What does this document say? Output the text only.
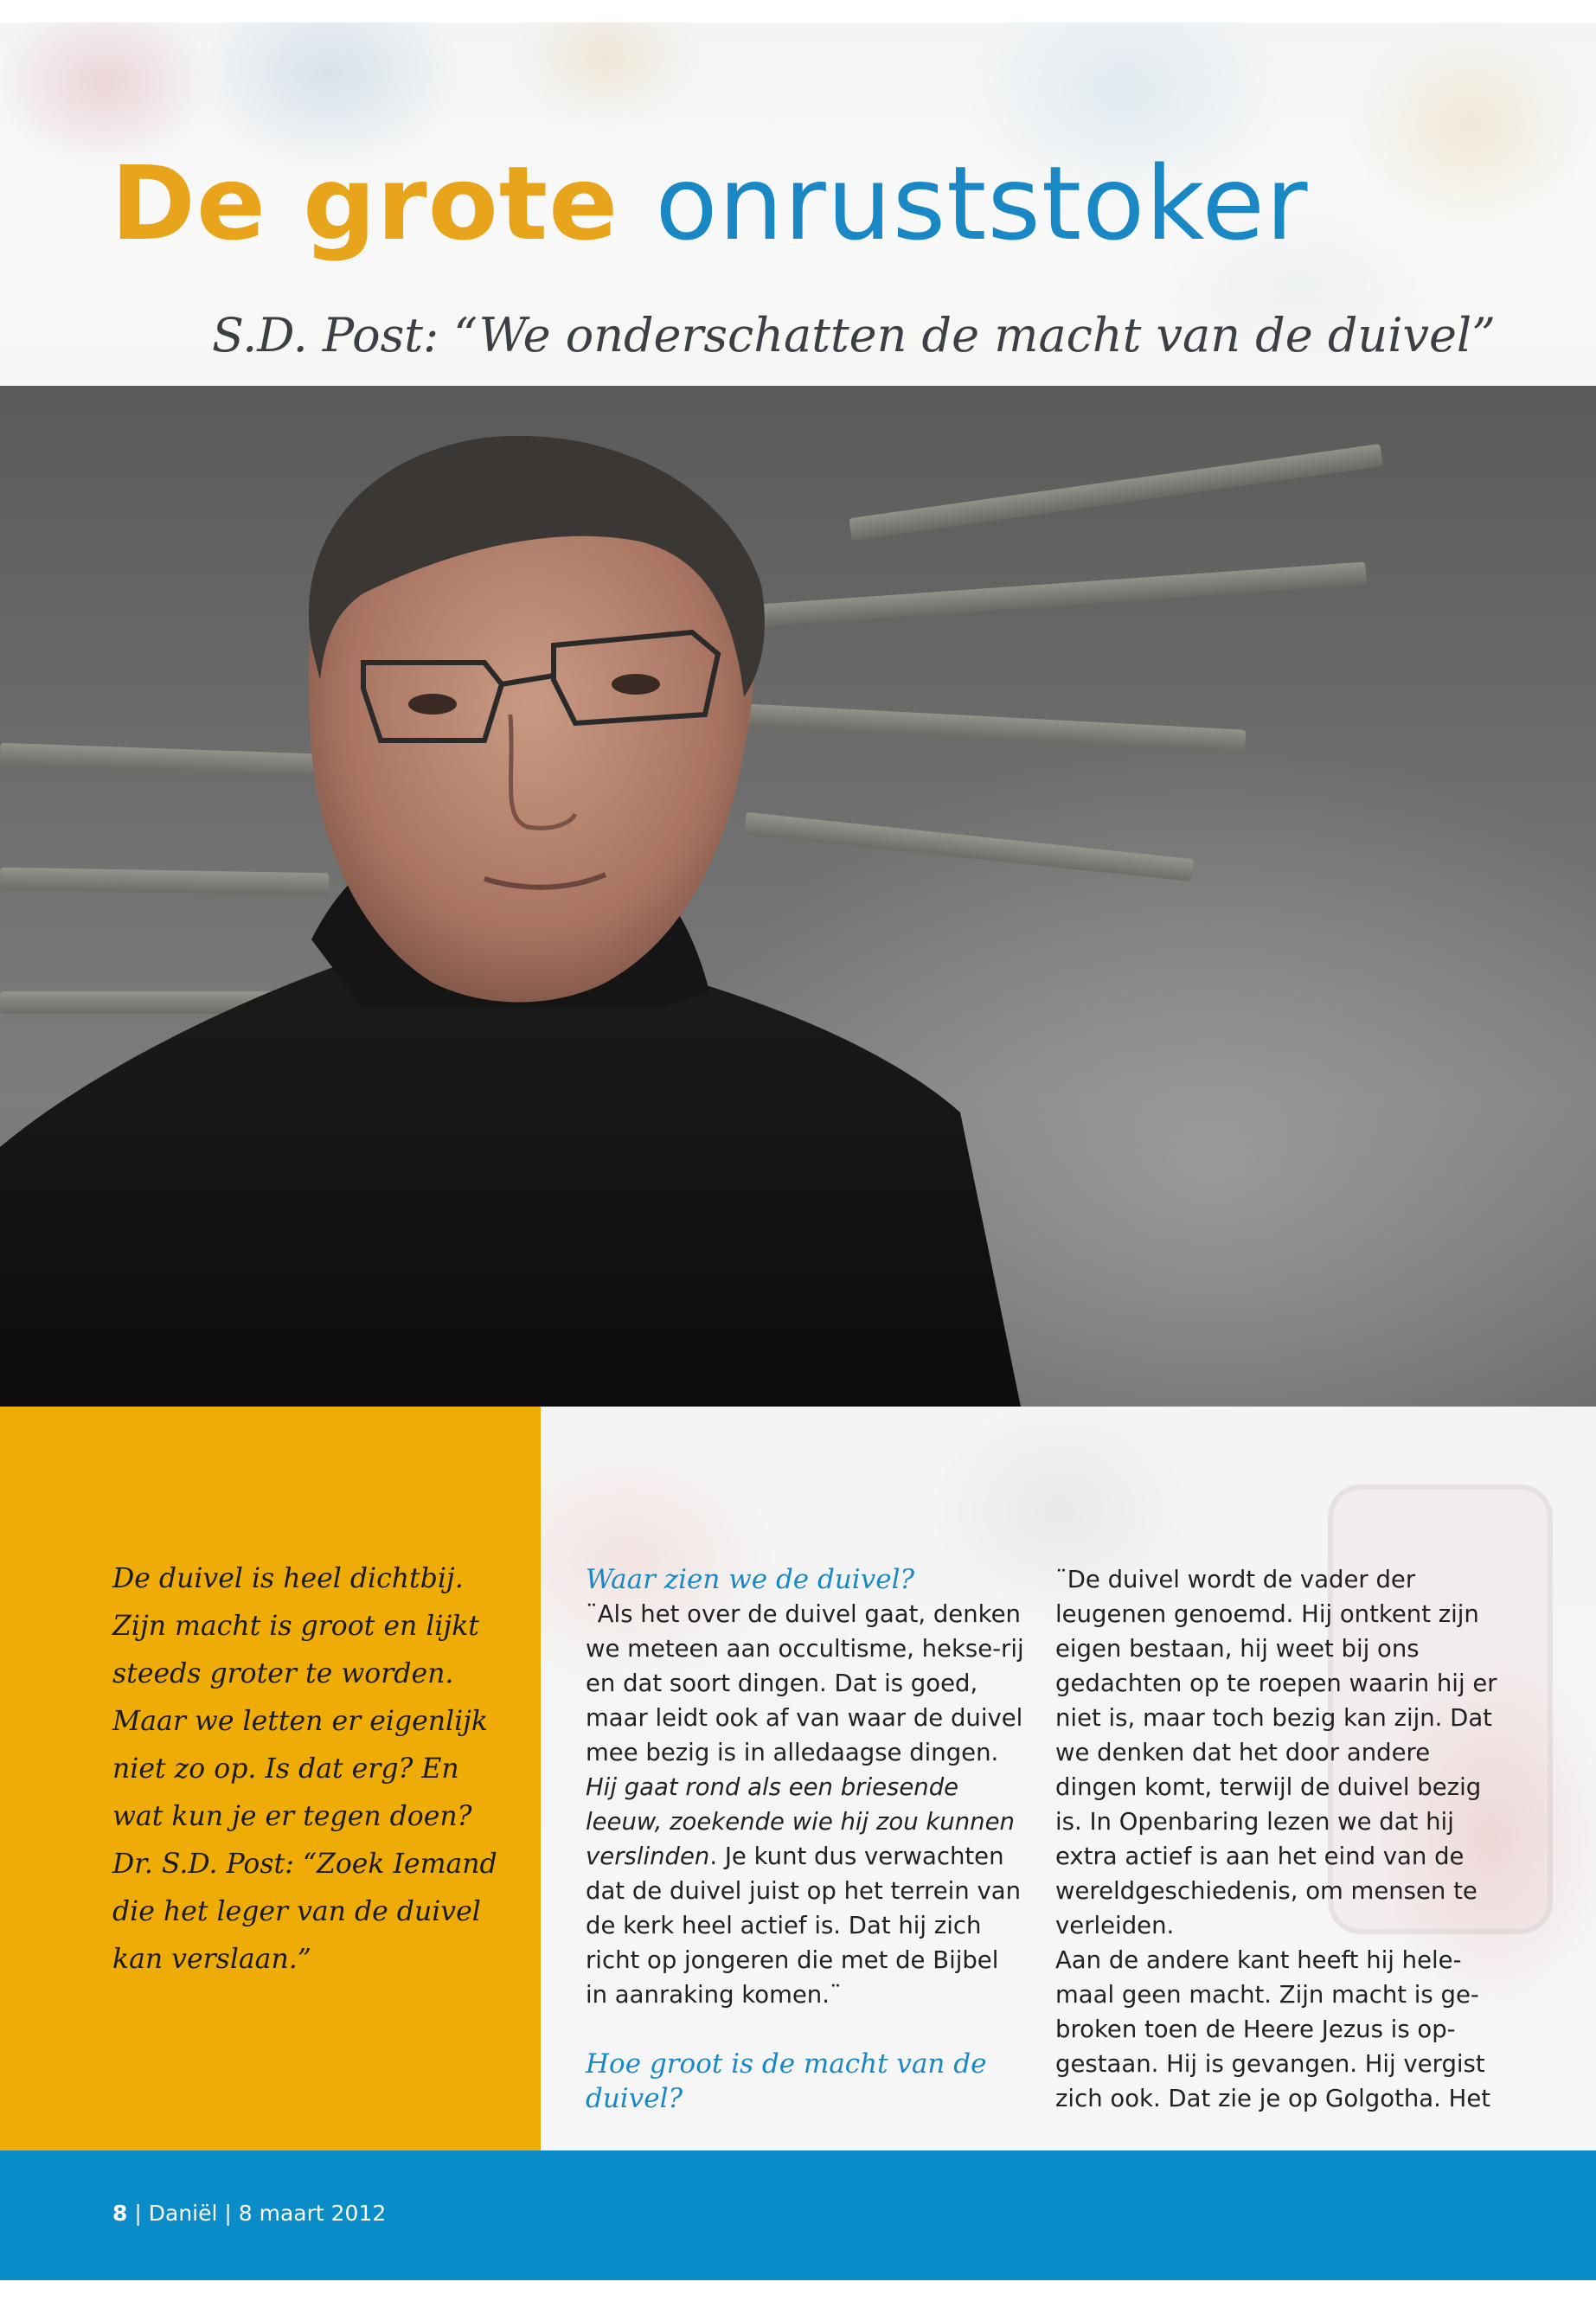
De grote onruststoker
S.D. Post: “We onderschatten de macht van de duivel”

De duivel is heel dichtbij. Zijn macht is groot en lijkt steeds groter te worden. Maar we letten er eigenlijk niet zo op. Is dat erg? En wat kun je er tegen doen? Dr. S.D. Post: “Zoek Iemand die het leger van de duivel kan verslaan.”

Waar zien we de duivel?

¨Als het over de duivel gaat, denken we meteen aan occultisme, hekse-rij en dat soort dingen. Dat is goed, maar leidt ook af van waar de duivel mee bezig is in alledaagse dingen. Hij gaat rond als een briesende leeuw, zoekende wie hij zou kunnen verslinden. Je kunt dus verwachten dat de duivel juist op het terrein van de kerk heel actief is. Dat hij zich richt op jongeren die met de Bijbel in aanraking komen.¨

Hoe groot is de macht van de duivel?

¨De duivel wordt de vader der leugenen genoemd. Hij ontkent zijn eigen bestaan, hij weet bij ons gedachten op te roepen waarin hij er niet is, maar toch bezig kan zijn. Dat we denken dat het door andere dingen komt, terwijl de duivel bezig is. In Openbaring lezen we dat hij extra actief is aan het eind van de wereldgeschiedenis, om mensen te verleiden.

Aan de andere kant heeft hij hele-maal geen macht. Zijn macht is ge-broken toen de Heere Jezus is op-gestaan. Hij is gevangen. Hij vergist zich ook. Dat zie je op Golgotha. Het

8 | Daniël | 8 maart 2012
